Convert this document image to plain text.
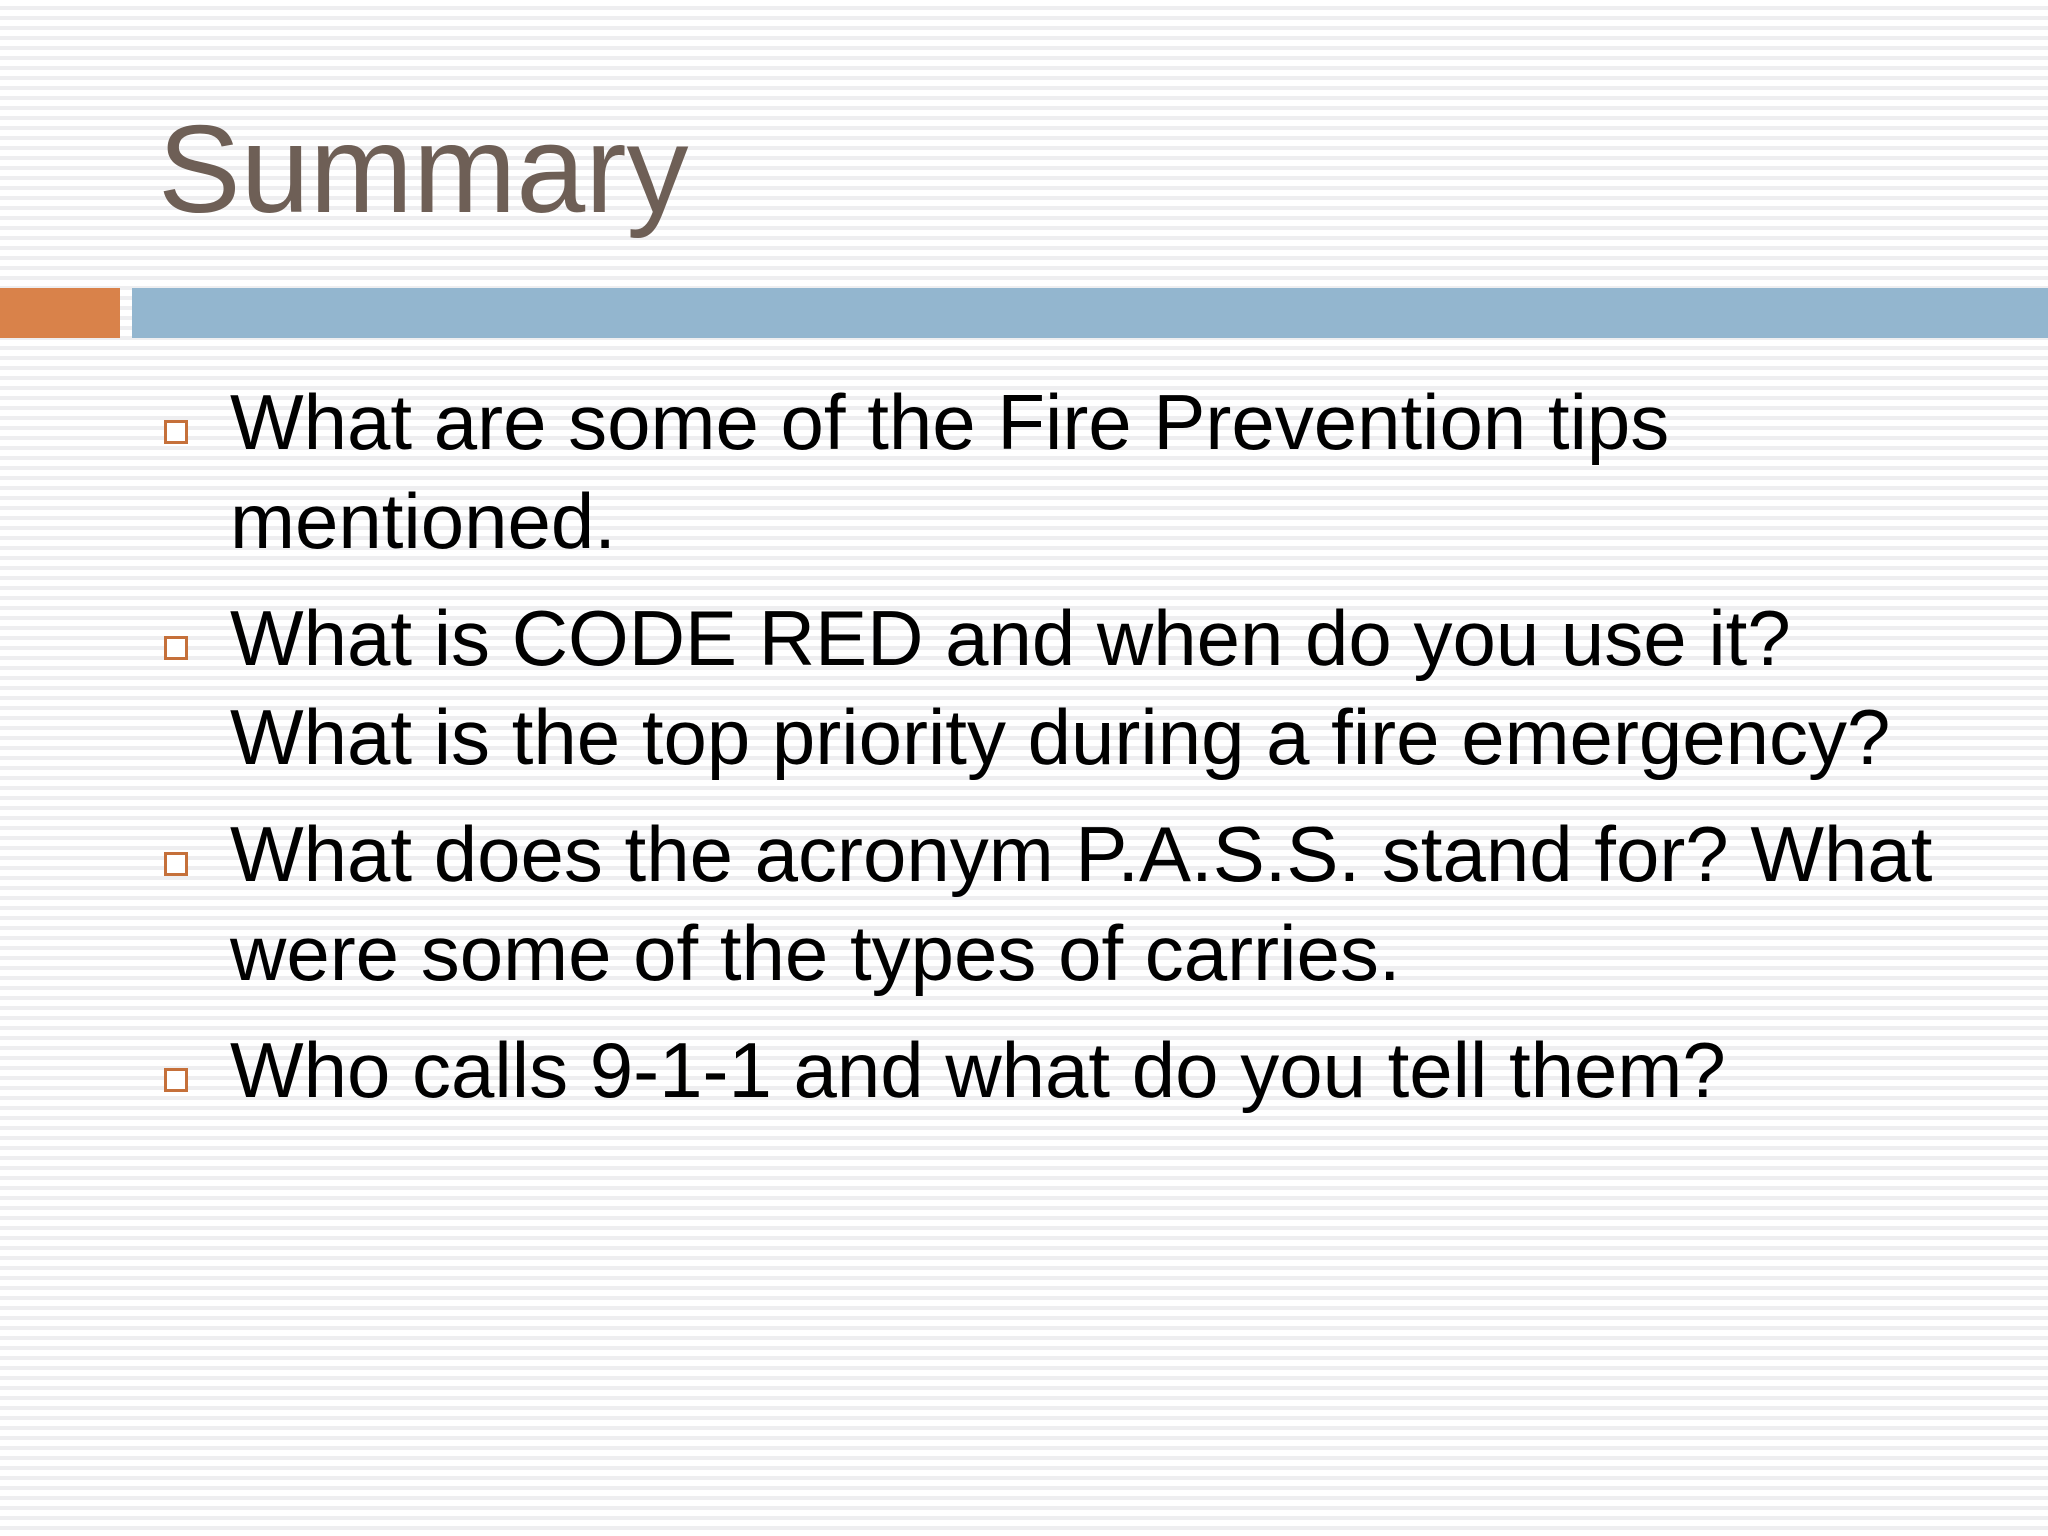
Summary
What are some of the Fire Prevention tips mentioned.
What is CODE RED and when do you use it? What is the top priority during a fire emergency?
What does the acronym P.A.S.S. stand for? What were some of the types of carries.
Who calls 9-1-1 and what do you tell them?
